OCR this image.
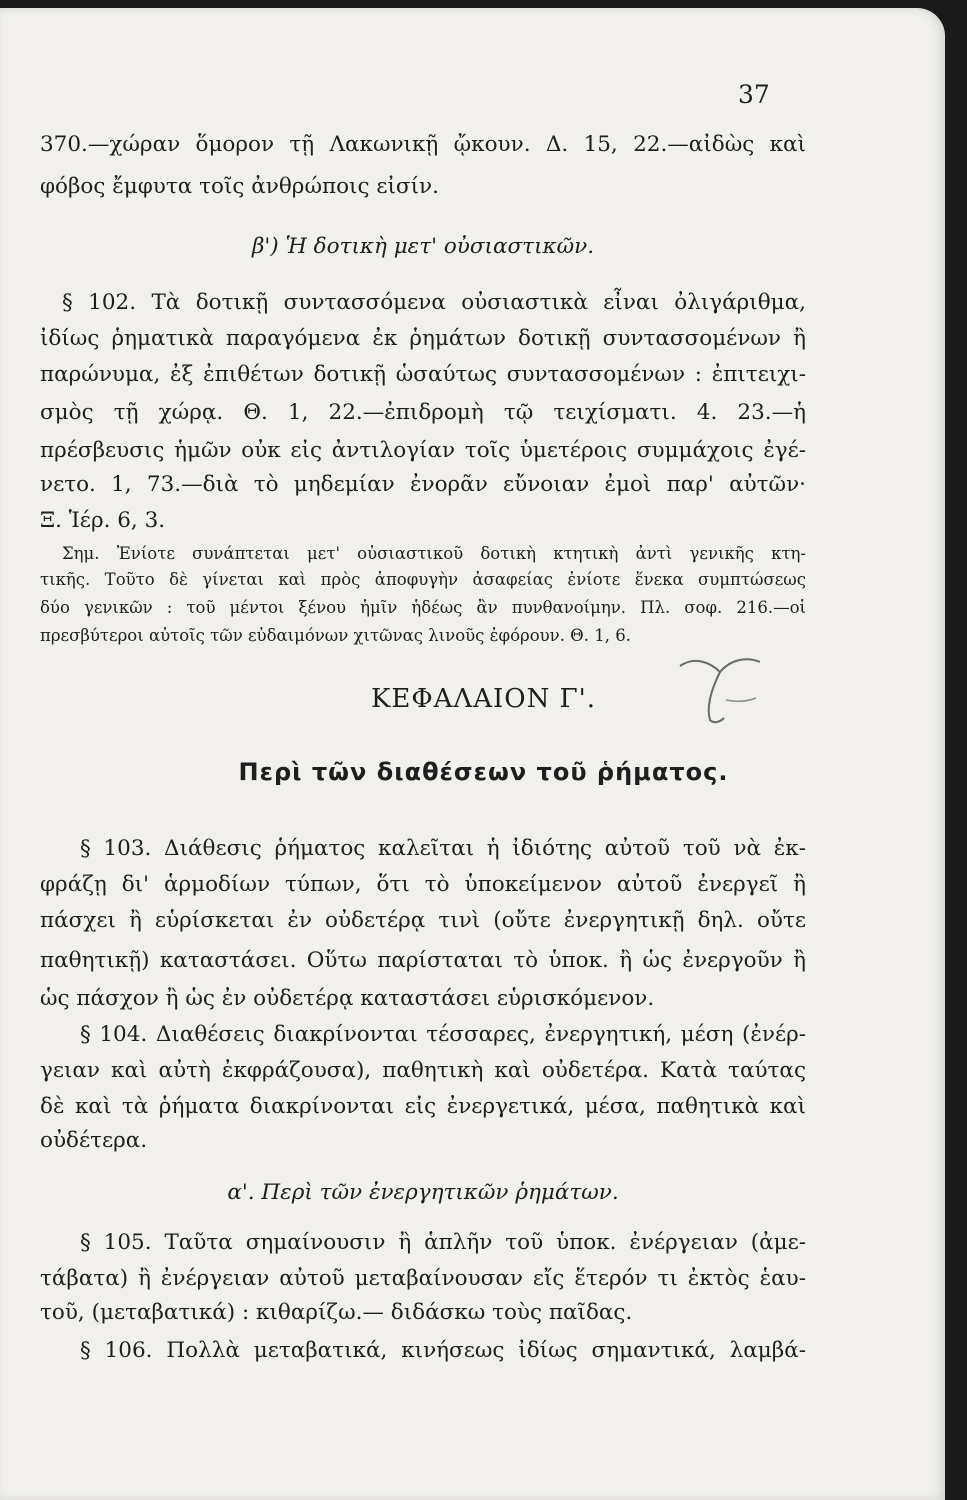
37
370.—χώραν ὅμορον τῇ Λακωνικῇ ᾤκουν. Δ. 15, 22.—αἰδὼς καὶ
φόβος ἔμφυτα τοῖς ἀνθρώποις εἰσίν.
β') Ἡ δοτικὴ μετ' οὐσιαστικῶν.
§ 102. Τὰ δοτικῇ συντασσόμενα οὐσιαστικὰ εἶναι ὀλιγάριθμα,
ἰδίως ῥηματικὰ παραγόμενα ἐκ ῥημάτων δοτικῇ συντασσομένων ἢ
παρώνυμα, ἐξ ἐπιθέτων δοτικῇ ὡσαύτως συντασσομένων : ἐπιτειχι-
σμὸς τῇ χώρᾳ. Θ. 1, 22.—ἐπιδρομὴ τῷ τειχίσματι. 4. 23.—ἡ
πρέσβευσις ἡμῶν οὐκ εἰς ἀντιλογίαν τοῖς ὑμετέροις συμμάχοις ἐγέ-
νετο. 1, 73.—διὰ τὸ μηδεμίαν ἐνορᾶν εὔνοιαν ἐμοὶ παρ' αὐτῶν·
Ξ. Ἱέρ. 6, 3.
Σημ. Ἐνίοτε συνάπτεται μετ' οὐσιαστικοῦ δοτικὴ κτητικὴ ἀντὶ γενικῆς κτη-
τικῆς. Τοῦτο δὲ γίνεται καὶ πρὸς ἀποφυγὴν ἀσαφείας ἐνίοτε ἕνεκα συμπτώσεως
δύο γενικῶν : τοῦ μέντοι ξένου ἡμῖν ἡδέως ἂν πυνθανοίμην. Πλ. σοφ. 216.—οἱ
πρεσβύτεροι αὐτοῖς τῶν εὐδαιμόνων χιτῶνας λινοῦς ἐφόρουν. Θ. 1, 6.
ΚΕΦΑΛΑΙΟΝ Γ'.
Περὶ τῶν διαθέσεων τοῦ ῥήματος.
§ 103. Διάθεσις ῥήματος καλεῖται ἡ ἰδιότης αὐτοῦ τοῦ νὰ ἐκ-
φράζῃ δι' ἁρμοδίων τύπων, ὅτι τὸ ὑποκείμενον αὐτοῦ ἐνεργεῖ ἢ
πάσχει ἢ εὑρίσκεται ἐν οὐδετέρᾳ τινὶ (οὔτε ἐνεργητικῇ δηλ. οὔτε
παθητικῇ) καταστάσει. Οὕτω παρίσταται τὸ ὑποκ. ἢ ὡς ἐνεργοῦν ἢ
ὡς πάσχον ἢ ὡς ἐν οὐδετέρᾳ καταστάσει εὑρισκόμενον.
§ 104. Διαθέσεις διακρίνονται τέσσαρες, ἐνεργητική, μέση (ἐνέρ-
γειαν καὶ αὐτὴ ἐκφράζουσα), παθητικὴ καὶ οὐδετέρα. Κατὰ ταύτας
δὲ καὶ τὰ ῥήματα διακρίνονται εἰς ἐνεργετικά, μέσα, παθητικὰ καὶ
οὐδέτερα.
α'. Περὶ τῶν ἐνεργητικῶν ῥημάτων.
§ 105. Ταῦτα σημαίνουσιν ἢ ἁπλῆν τοῦ ὑποκ. ἐνέργειαν (ἀμε-
τάβατα) ἢ ἐνέργειαν αὐτοῦ μεταβαίνουσαν εἴς ἕτερόν τι ἐκτὸς ἑαυ-
τοῦ, (μεταβατικά) : κιθαρίζω.— διδάσκω τοὺς παῖδας.
§ 106. Πολλὰ μεταβατικά, κινήσεως ἰδίως σημαντικά, λαμβά-
